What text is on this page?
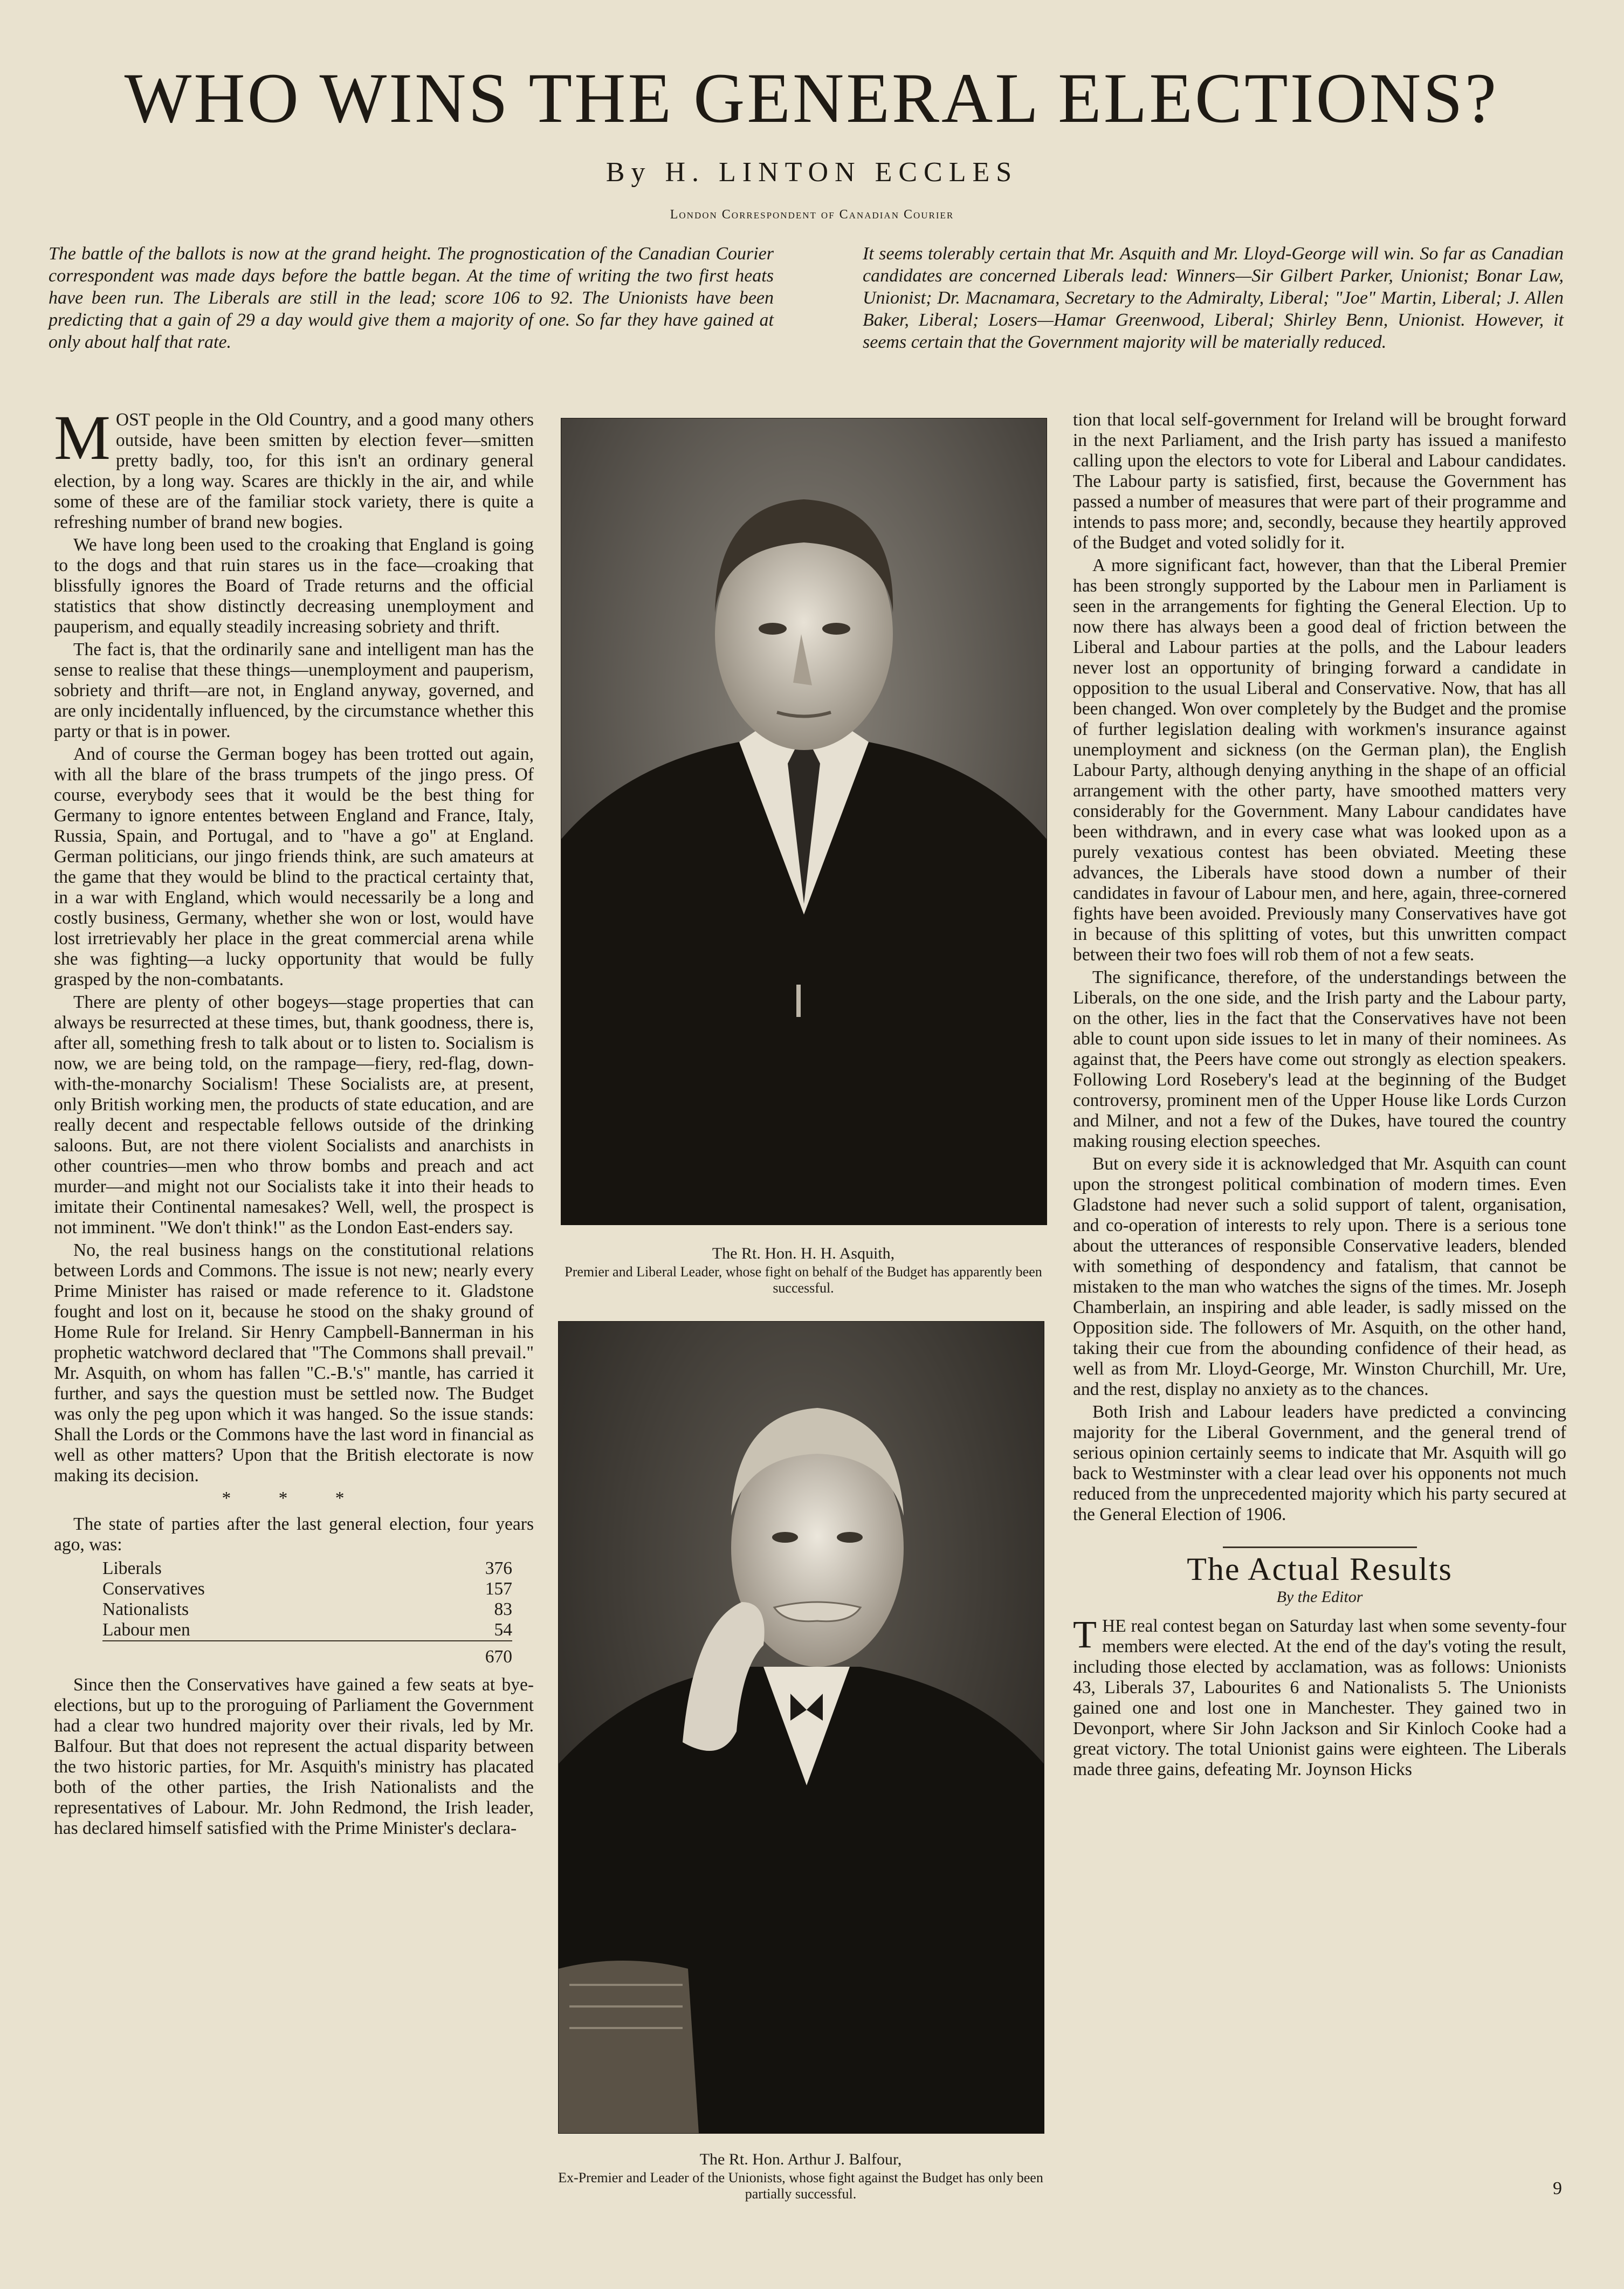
WHO WINS THE GENERAL ELECTIONS?
By H. LINTON ECCLES
London Correspondent of Canadian Courier

The battle of the ballots is now at the grand height. The prognostication of the Canadian Courier correspondent was made days before the battle began. At the time of writing the two first heats have been run. The Liberals are still in the lead; score 106 to 92. The Unionists have been predicting that a gain of 29 a day would give them a majority of one. So far they have gained at only about half that rate.

It seems tolerably certain that Mr. Asquith and Mr. Lloyd-George will win. So far as Canadian candidates are concerned Liberals lead: Winners—Sir Gilbert Parker, Unionist; Bonar Law, Unionist; Dr. Macnamara, Secretary to the Admiralty, Liberal; "Joe" Martin, Liberal; J. Allen Baker, Liberal; Losers—Hamar Greenwood, Liberal; Shirley Benn, Unionist. However, it seems certain that the Government majority will be materially reduced.

MOST people in the Old Country, and a good many others outside, have been smitten by election fever—smitten pretty badly, too, for this isn't an ordinary general election, by a long way. Scares are thickly in the air, and while some of these are of the familiar stock variety, there is quite a refreshing number of brand new bogies.

We have long been used to the croaking that England is going to the dogs and that ruin stares us in the face—croaking that blissfully ignores the Board of Trade returns and the official statistics that show distinctly decreasing unemployment and pauperism, and equally steadily increasing sobriety and thrift.

The fact is, that the ordinarily sane and intelligent man has the sense to realise that these things—unemployment and pauperism, sobriety and thrift—are not, in England anyway, governed, and are only incidentally influenced, by the circumstance whether this party or that is in power.

And of course the German bogey has been trotted out again, with all the blare of the brass trumpets of the jingo press. Of course, everybody sees that it would be the best thing for Germany to ignore ententes between England and France, Italy, Russia, Spain, and Portugal, and to "have a go" at England. German politicians, our jingo friends think, are such amateurs at the game that they would be blind to the practical certainty that, in a war with England, which would necessarily be a long and costly business, Germany, whether she won or lost, would have lost irretrievably her place in the great commercial arena while she was fighting—a lucky opportunity that would be fully grasped by the non-combatants.

There are plenty of other bogeys—stage properties that can always be resurrected at these times, but, thank goodness, there is, after all, something fresh to talk about or to listen to. Socialism is now, we are being told, on the rampage—fiery, red-flag, down-with-the-monarchy Socialism! These Socialists are, at present, only British working men, the products of state education, and are really decent and respectable fellows outside of the drinking saloons. But, are not there violent Socialists and anarchists in other countries—men who throw bombs and preach and act murder—and might not our Socialists take it into their heads to imitate their Continental namesakes? Well, well, the prospect is not imminent. "We don't think!" as the London East-enders say.

No, the real business hangs on the constitutional relations between Lords and Commons. The issue is not new; nearly every Prime Minister has raised or made reference to it. Gladstone fought and lost on it, because he stood on the shaky ground of Home Rule for Ireland. Sir Henry Campbell-Bannerman in his prophetic watchword declared that "The Commons shall prevail." Mr. Asquith, on whom has fallen "C.-B.'s" mantle, has carried it further, and says the question must be settled now. The Budget was only the peg upon which it was hanged. So the issue stands: Shall the Lords or the Commons have the last word in financial as well as other matters? Upon that the British electorate is now making its decision.

* * *

The state of parties after the last general election, four years ago, was:

Liberals	376
Conservatives	157
Nationalists	83
Labour men	54
	670

Since then the Conservatives have gained a few seats at bye-elections, but up to the proroguing of Parliament the Government had a clear two hundred majority over their rivals, led by Mr. Balfour. But that does not represent the actual disparity between the two historic parties, for Mr. Asquith's ministry has placated both of the other parties, the Irish Nationalists and the representatives of Labour. Mr. John Redmond, the Irish leader, has declared himself satisfied with the Prime Minister's declara-

The Rt. Hon. H. H. Asquith,
Premier and Liberal Leader, whose fight on behalf of the Budget has apparently been successful.
The Rt. Hon. Arthur J. Balfour,
Ex-Premier and Leader of the Unionists, whose fight against the Budget has only been partially successful.

tion that local self-government for Ireland will be brought forward in the next Parliament, and the Irish party has issued a manifesto calling upon the electors to vote for Liberal and Labour candidates. The Labour party is satisfied, first, because the Government has passed a number of measures that were part of their programme and intends to pass more; and, secondly, because they heartily approved of the Budget and voted solidly for it.

A more significant fact, however, than that the Liberal Premier has been strongly supported by the Labour men in Parliament is seen in the arrangements for fighting the General Election. Up to now there has always been a good deal of friction between the Liberal and Labour parties at the polls, and the Labour leaders never lost an opportunity of bringing forward a candidate in opposition to the usual Liberal and Conservative. Now, that has all been changed. Won over completely by the Budget and the promise of further legislation dealing with workmen's insurance against unemployment and sickness (on the German plan), the English Labour Party, although denying anything in the shape of an official arrangement with the other party, have smoothed matters very considerably for the Government. Many Labour candidates have been withdrawn, and in every case what was looked upon as a purely vexatious contest has been obviated. Meeting these advances, the Liberals have stood down a number of their candidates in favour of Labour men, and here, again, three-cornered fights have been avoided. Previously many Conservatives have got in because of this splitting of votes, but this unwritten compact between their two foes will rob them of not a few seats.

The significance, therefore, of the understandings between the Liberals, on the one side, and the Irish party and the Labour party, on the other, lies in the fact that the Conservatives have not been able to count upon side issues to let in many of their nominees. As against that, the Peers have come out strongly as election speakers. Following Lord Rosebery's lead at the beginning of the Budget controversy, prominent men of the Upper House like Lords Curzon and Milner, and not a few of the Dukes, have toured the country making rousing election speeches.

But on every side it is acknowledged that Mr. Asquith can count upon the strongest political combination of modern times. Even Gladstone had never such a solid support of talent, organisation, and co-operation of interests to rely upon. There is a serious tone about the utterances of responsible Conservative leaders, blended with something of despondency and fatalism, that cannot be mistaken to the man who watches the signs of the times. Mr. Joseph Chamberlain, an inspiring and able leader, is sadly missed on the Opposition side. The followers of Mr. Asquith, on the other hand, taking their cue from the abounding confidence of their head, as well as from Mr. Lloyd-George, Mr. Winston Churchill, Mr. Ure, and the rest, display no anxiety as to the chances.

Both Irish and Labour leaders have predicted a convincing majority for the Liberal Government, and the general trend of serious opinion certainly seems to indicate that Mr. Asquith will go back to Westminster with a clear lead over his opponents not much reduced from the unprecedented majority which his party secured at the General Election of 1906.

The Actual Results
By the Editor

THE real contest began on Saturday last when some seventy-four members were elected. At the end of the day's voting the result, including those elected by acclamation, was as follows: Unionists 43, Liberals 37, Labourites 6 and Nationalists 5. The Unionists gained one and lost one in Manchester. They gained two in Devonport, where Sir John Jackson and Sir Kinloch Cooke had a great victory. The total Unionist gains were eighteen. The Liberals made three gains, defeating Mr. Joynson Hicks

9
